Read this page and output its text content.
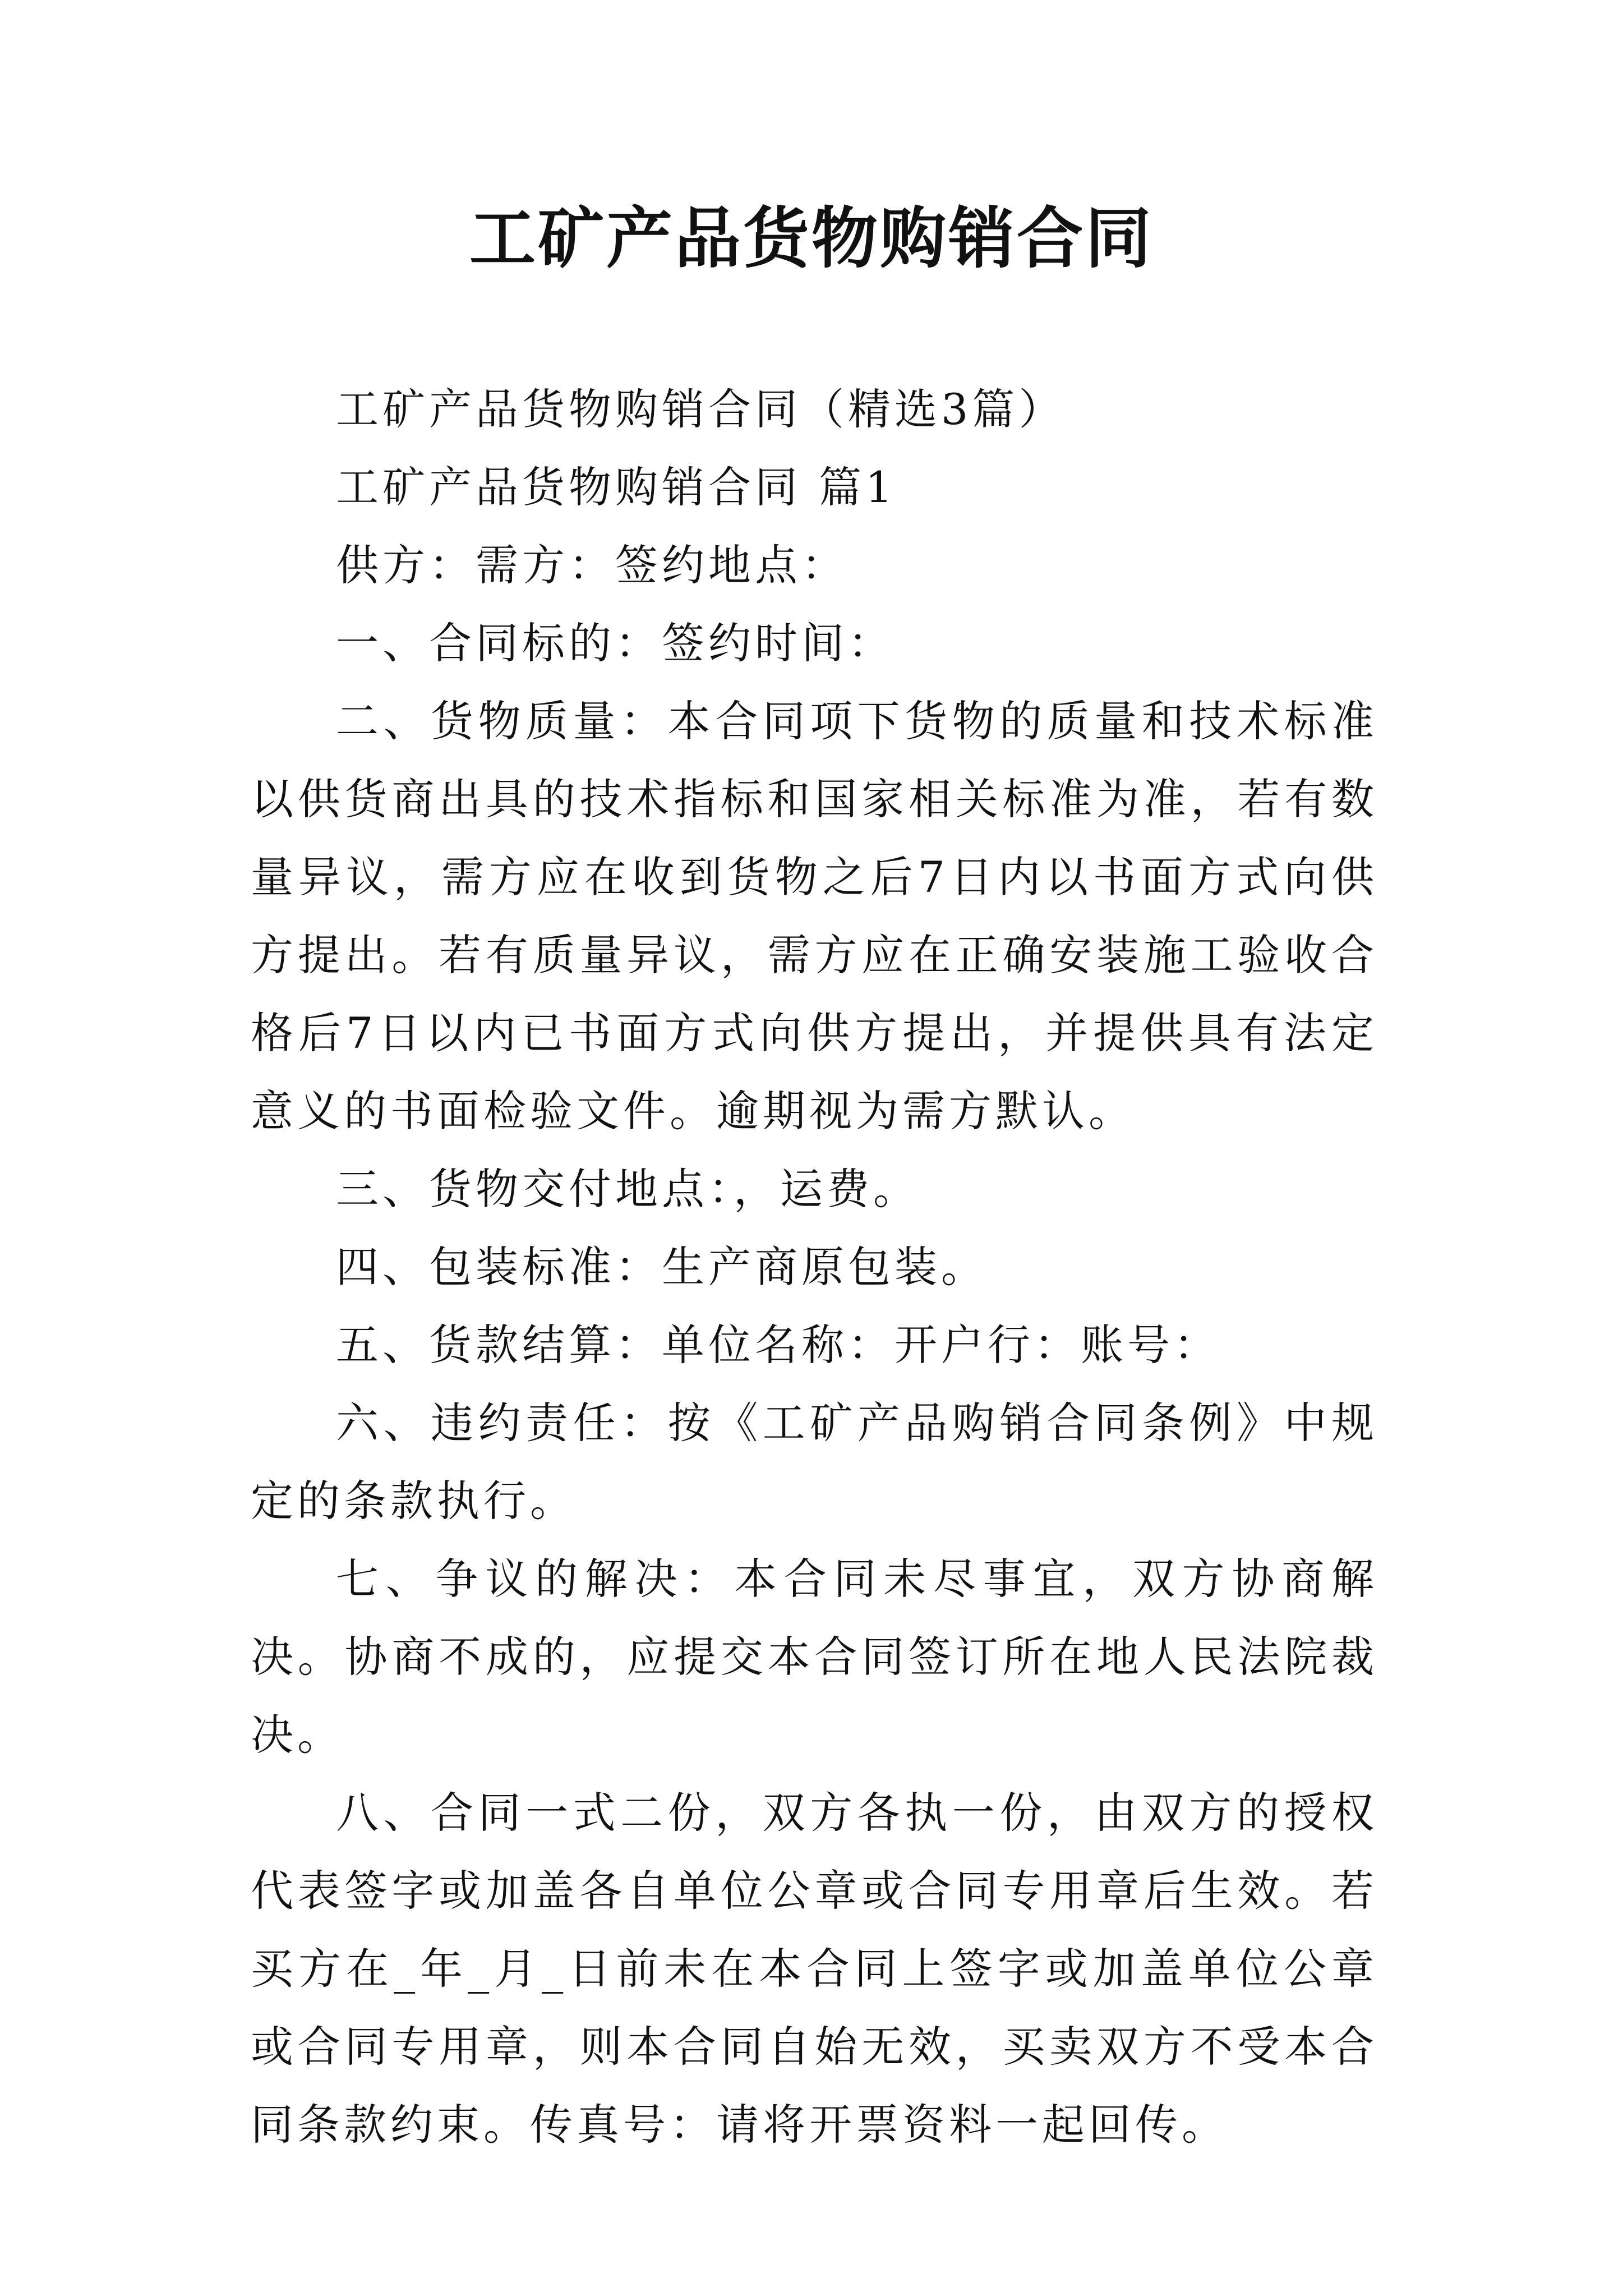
工矿产品货物购销合同

工矿产品货物购销合同（精选3篇）

工矿产品货物购销合同 篇1

供方：需方：签约地点：

一、合同标的：签约时间：

二、货物质量：本合同项下货物的质量和技术标准以供货商出具的技术指标和国家相关标准为准，若有数量异议，需方应在收到货物之后7日内以书面方式向供方提出。若有质量异议，需方应在正确安装施工验收合格后7日以内已书面方式向供方提出，并提供具有法定意义的书面检验文件。逾期视为需方默认。

三、货物交付地点：，运费。

四、包装标准：生产商原包装。

五、货款结算：单位名称：开户行：账号：

六、违约责任：按《工矿产品购销合同条例》中规定的条款执行。

七、争议的解决：本合同未尽事宜，双方协商解决。协商不成的，应提交本合同签订所在地人民法院裁决。

八、合同一式二份，双方各执一份，由双方的授权代表签字或加盖各自单位公章或合同专用章后生效。若买方在_年_月_日前未在本合同上签字或加盖单位公章或合同专用章，则本合同自始无效，买卖双方不受本合同条款约束。传真号：请将开票资料一起回传。
